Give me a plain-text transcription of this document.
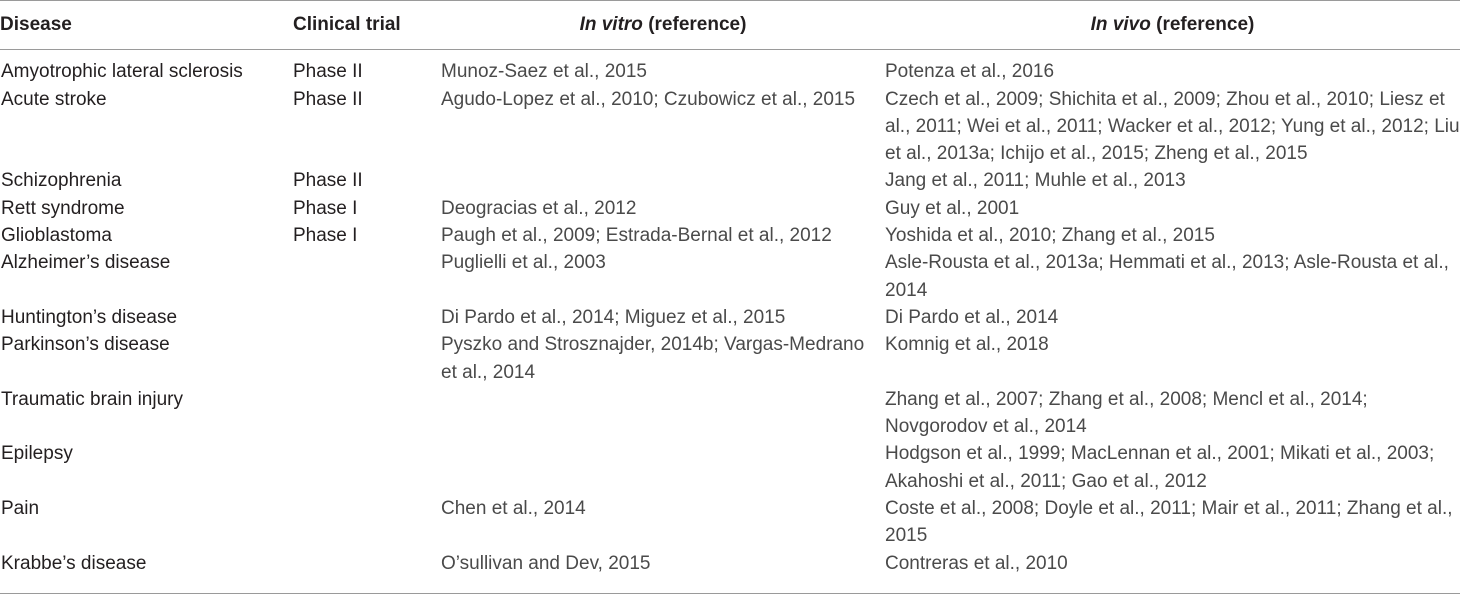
Disease	Clinical trial	In vitro (reference)	In vivo (reference)
Amyotrophic lateral sclerosis	Phase II	Munoz-Saez et al., 2015	Potenza et al., 2016
Acute stroke	Phase II	Agudo-Lopez et al., 2010; Czubowicz et al., 2015	Czech et al., 2009; Shichita et al., 2009; Zhou et al., 2010; Liesz et al., 2011; Wei et al., 2011; Wacker et al., 2012; Yung et al., 2012; Liu et al., 2013a; Ichijo et al., 2015; Zheng et al., 2015
Schizophrenia	Phase II		Jang et al., 2011; Muhle et al., 2013
Rett syndrome	Phase I	Deogracias et al., 2012	Guy et al., 2001
Glioblastoma	Phase I	Paugh et al., 2009; Estrada-Bernal et al., 2012	Yoshida et al., 2010; Zhang et al., 2015
Alzheimer’s disease		Puglielli et al., 2003	Asle-Rousta et al., 2013a; Hemmati et al., 2013; Asle-Rousta et al., 2014
Huntington’s disease		Di Pardo et al., 2014; Miguez et al., 2015	Di Pardo et al., 2014
Parkinson’s disease		Pyszko and Strosznajder, 2014b; Vargas-Medrano et al., 2014	Komnig et al., 2018
Traumatic brain injury			Zhang et al., 2007; Zhang et al., 2008; Mencl et al., 2014; Novgorodov et al., 2014
Epilepsy			Hodgson et al., 1999; MacLennan et al., 2001; Mikati et al., 2003; Akahoshi et al., 2011; Gao et al., 2012
Pain		Chen et al., 2014	Coste et al., 2008; Doyle et al., 2011; Mair et al., 2011; Zhang et al., 2015
Krabbe’s disease		O’sullivan and Dev, 2015	Contreras et al., 2010
